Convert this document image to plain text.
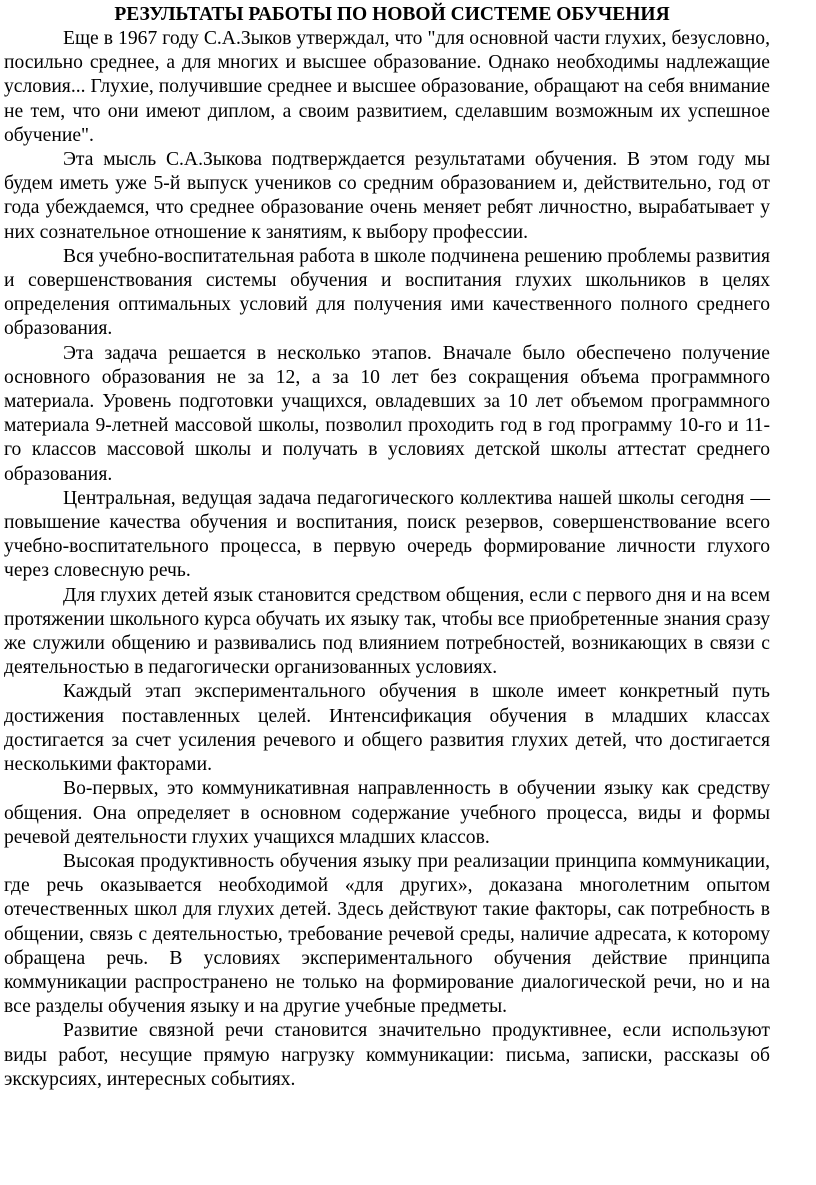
РЕЗУЛЬТАТЫ РАБОТЫ ПО НОВОЙ СИСТЕМЕ ОБУЧЕНИЯ

Еще в 1967 году С.А.Зыков утверждал, что "для основной части глухих, безусловно, посильно среднее, а для многих и высшее образование. Однако необходимы надлежащие условия... Глухие, получившие среднее и высшее образование, обращают на себя внимание не тем, что они имеют диплом, а своим развитием, сделавшим возможным их успешное обучение".

Эта мысль С.А.Зыкова подтверждается результатами обучения. В этом году мы будем иметь уже 5-й выпуск учеников со средним образованием и, действительно, год от года убеждаемся, что среднее образование очень меняет ребят личностно, вырабатывает у них сознательное отношение к занятиям, к выбору профессии.

Вся учебно-воспитательная работа в школе подчинена решению проблемы развития и совершенствования системы обучения и воспитания глухих школьников в целях определения оптимальных условий для получения ими качественного полного среднего образования.

Эта задача решается в несколько этапов. Вначале было обеспечено получение основного образования не за 12, а за 10 лет без сокращения объема программного материала. Уровень подготовки учащихся, овладевших за 10 лет объемом программного материала 9-летней массовой школы, позволил проходить год в год программу 10-го и 11-го классов массовой школы и получать в условиях детской школы аттестат среднего образования.

Центральная, ведущая задача педагогического коллектива нашей школы сегодня — повышение качества обучения и воспитания, поиск резервов, совершенствование всего учебно-воспитательного процесса, в первую очередь формирование личности глухого через словесную речь.

Для глухих детей язык становится средством общения, если с первого дня и на всем протяжении школьного курса обучать их языку так, чтобы все приобретенные знания сразу же служили общению и развивались под влиянием потребностей, возникающих в связи с деятельностью в педагогически организованных условиях.

Каждый этап экспериментального обучения в школе имеет конкретный путь достижения поставленных целей. Интенсификация обучения в младших классах достигается за счет усиления речевого и общего развития глухих детей, что достигается несколькими факторами.

Во-первых, это коммуникативная направленность в обучении языку как средству общения. Она определяет в основном содержание учебного процесса, виды и формы речевой деятельности глухих учащихся младших классов.

Высокая продуктивность обучения языку при реализации принципа коммуникации, где речь оказывается необходимой «для других», доказана многолетним опытом отечественных школ для глухих детей. Здесь действуют такие факторы, сак потребность в общении, связь с деятельностью, требование речевой среды, наличие адресата, к которому обращена речь. В условиях экспериментального обучения действие принципа коммуникации распространено не только на формирование диалогической речи, но и на все разделы обучения языку и на другие учебные предметы.

Развитие связной речи становится значительно продуктивнее, если используют виды работ, несущие прямую нагрузку коммуникации: письма, записки, рассказы об экскурсиях, интересных событиях.
